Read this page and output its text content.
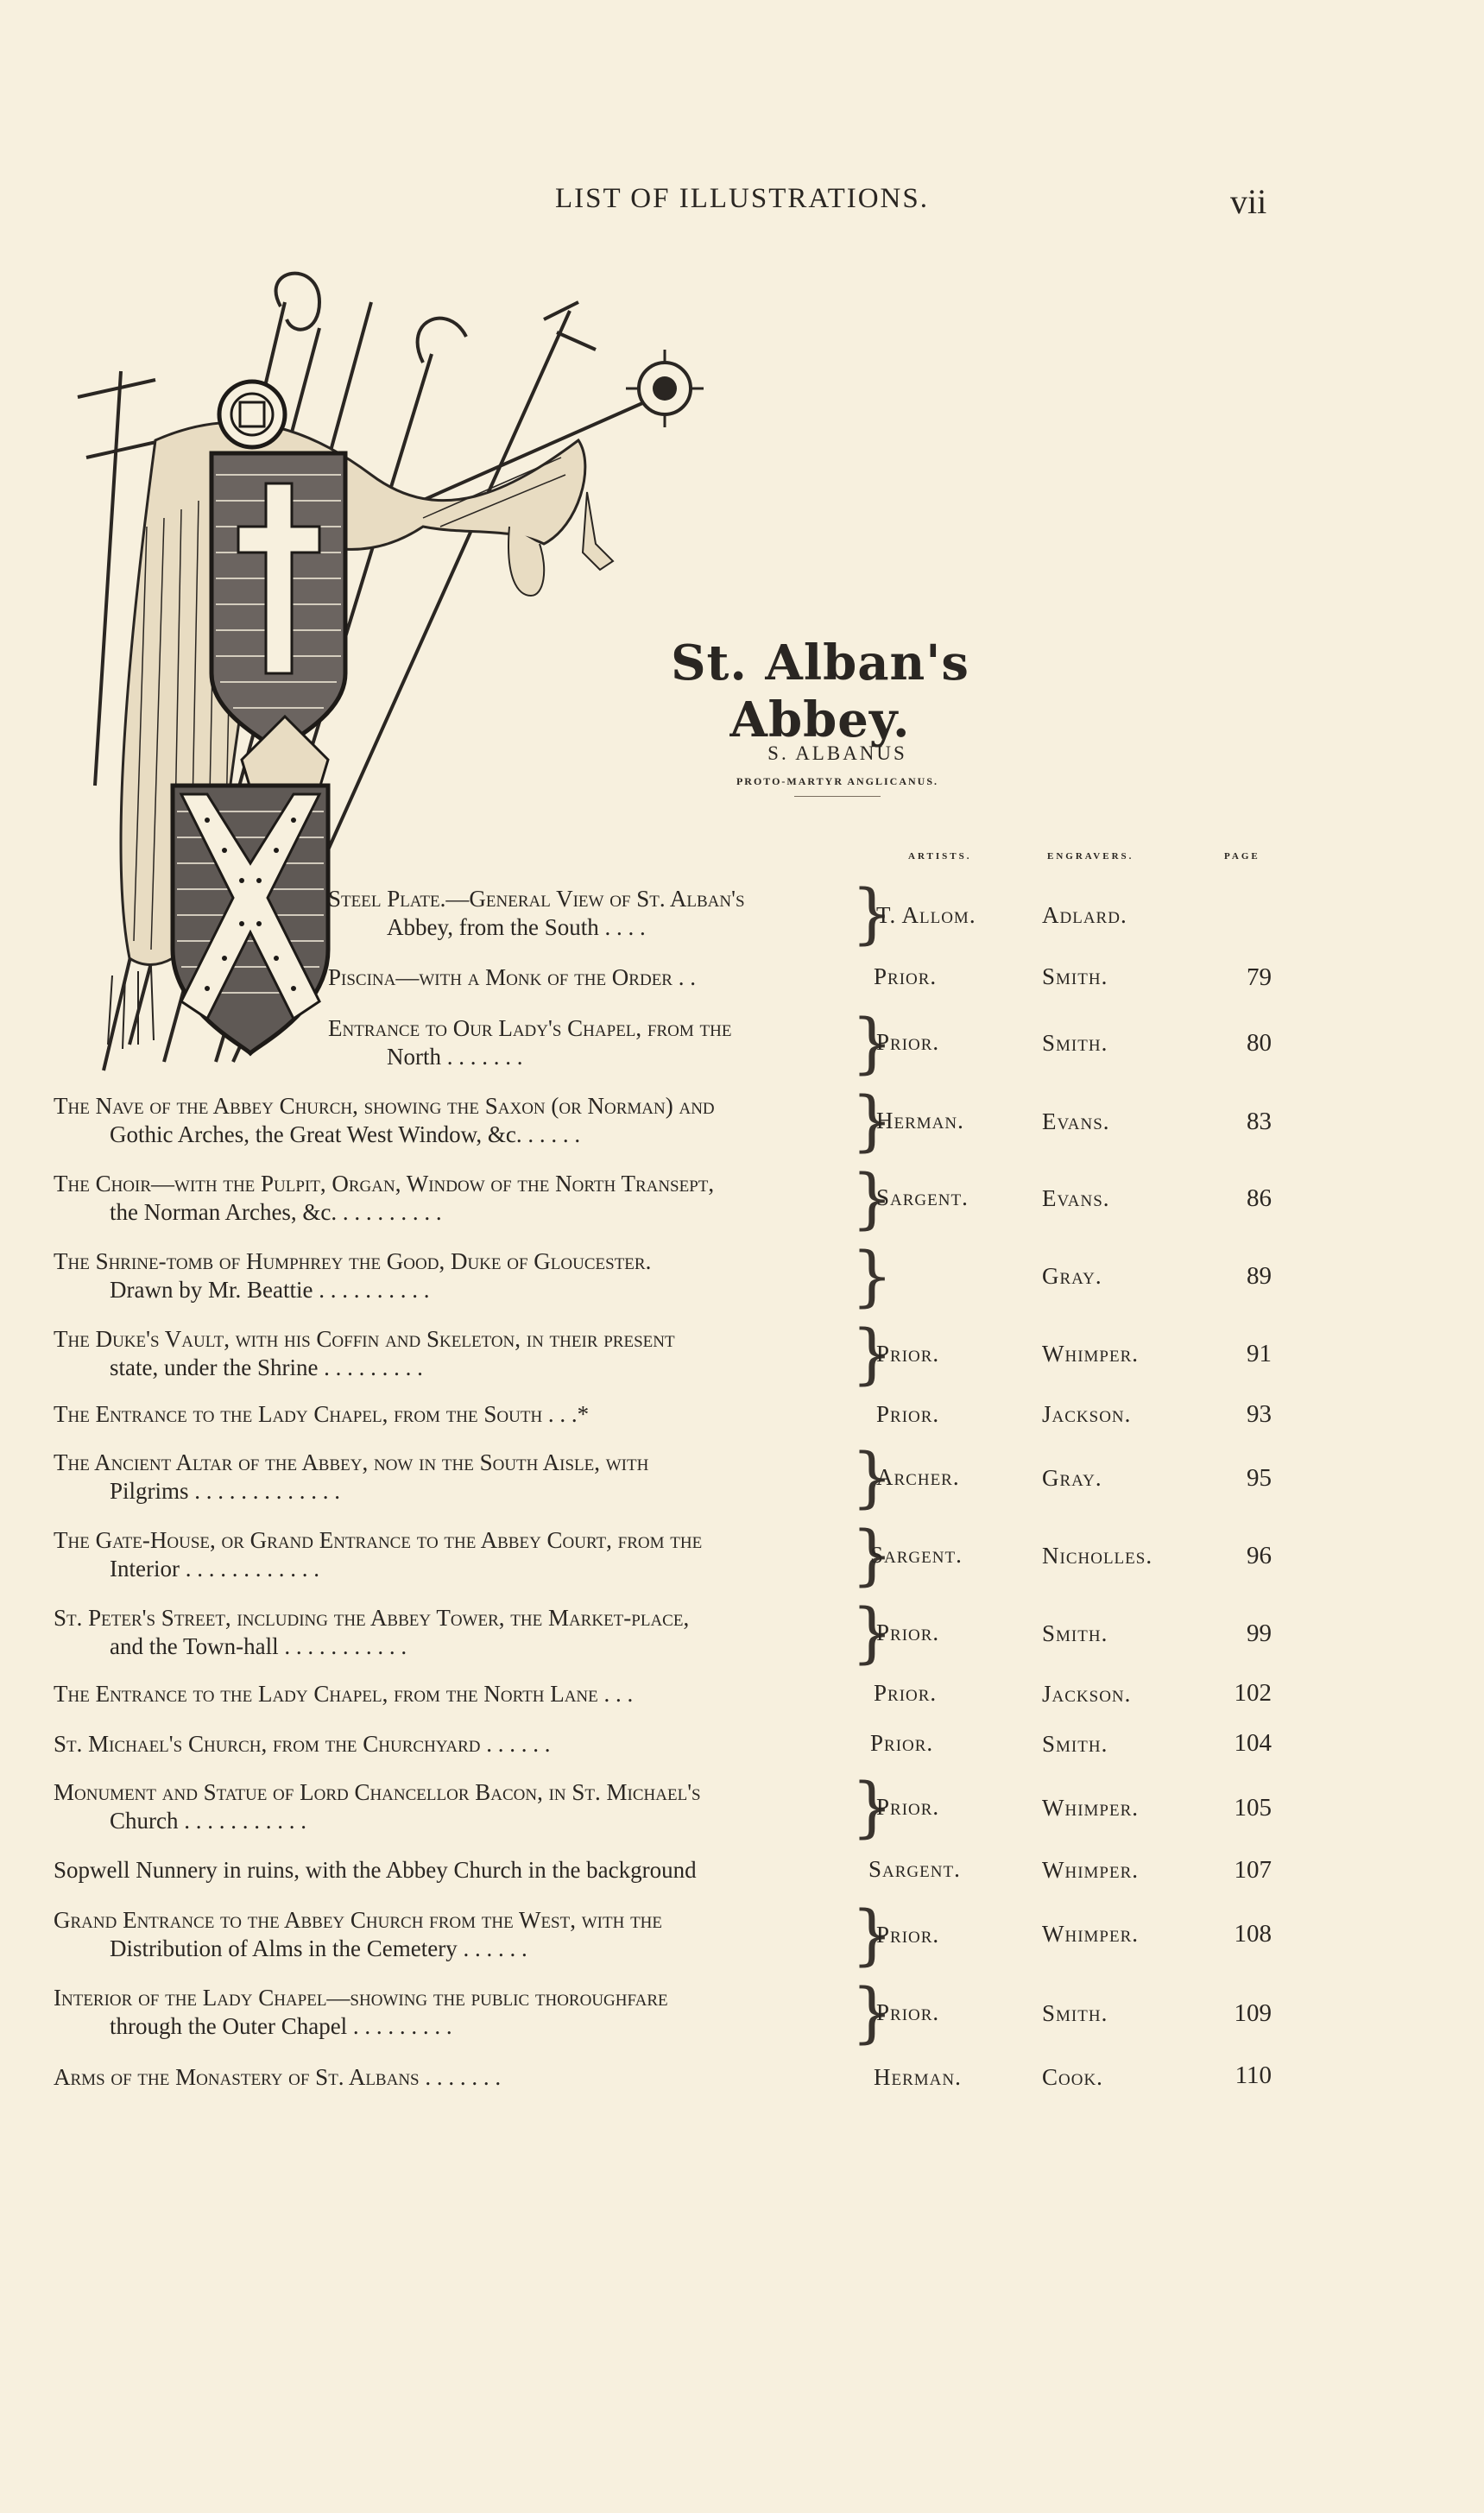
LIST OF ILLUSTRATIONS.	vii
St. Alban's Abbey.
S. ALBANUS
PROTO-MARTYR ANGLICANUS.
ARTISTS.	ENGRAVERS.	PAGE
Steel Plate.—General View of St. Alban's
Abbey, from the South . . . .	}
T. Allom.	Adlard.
Piscina—with a Monk of the Order . .	Prior.	Smith.	79
Entrance to Our Lady's Chapel, from the
North . . . . . . .	}
Prior.	Smith.	80
The Nave of the Abbey Church, showing the Saxon (or Norman) and
Gothic Arches, the Great West Window, &c. . . . . .	}
Herman.	Evans.	83
The Choir—with the Pulpit, Organ, Window of the North Transept,
the Norman Arches, &c. . . . . . . . . .	}
Sargent.	Evans.	86
The Shrine-tomb of Humphrey the Good, Duke of Gloucester.
Drawn by Mr. Beattie . . . . . . . . . .	}	Gray.	89
The Duke's Vault, with his Coffin and Skeleton, in their present
state, under the Shrine . . . . . . . . .	}
Prior.	Whimper.	91
The Entrance to the Lady Chapel, from the South . . .*	Prior.	Jackson.	93
The Ancient Altar of the Abbey, now in the South Aisle, with
Pilgrims . . . . . . . . . . . . .	}
Archer.	Gray.	95
The Gate-House, or Grand Entrance to the Abbey Court, from the
Interior . . . . . . . . . . . .	}
Sargent.	Nicholles.	96
St. Peter's Street, including the Abbey Tower, the Market-place,
and the Town-hall . . . . . . . . . . .	}
Prior.	Smith.	99
The Entrance to the Lady Chapel, from the North Lane . . .	Prior.	Jackson.	102
St. Michael's Church, from the Churchyard . . . . . .	Prior.	Smith.	104
Monument and Statue of Lord Chancellor Bacon, in St. Michael's
Church . . . . . . . . . . .	}
Prior.	Whimper.	105
Sopwell Nunnery in ruins, with the Abbey Church in the background	Sargent.	Whimper.	107
Grand Entrance to the Abbey Church from the West, with the
Distribution of Alms in the Cemetery . . . . . .	}
Prior.	Whimper.	108
Interior of the Lady Chapel—showing the public thoroughfare
through the Outer Chapel . . . . . . . . .	}
Prior.	Smith.	109
Arms of the Monastery of St. Albans . . . . . . .	Herman.	Cook.	110
